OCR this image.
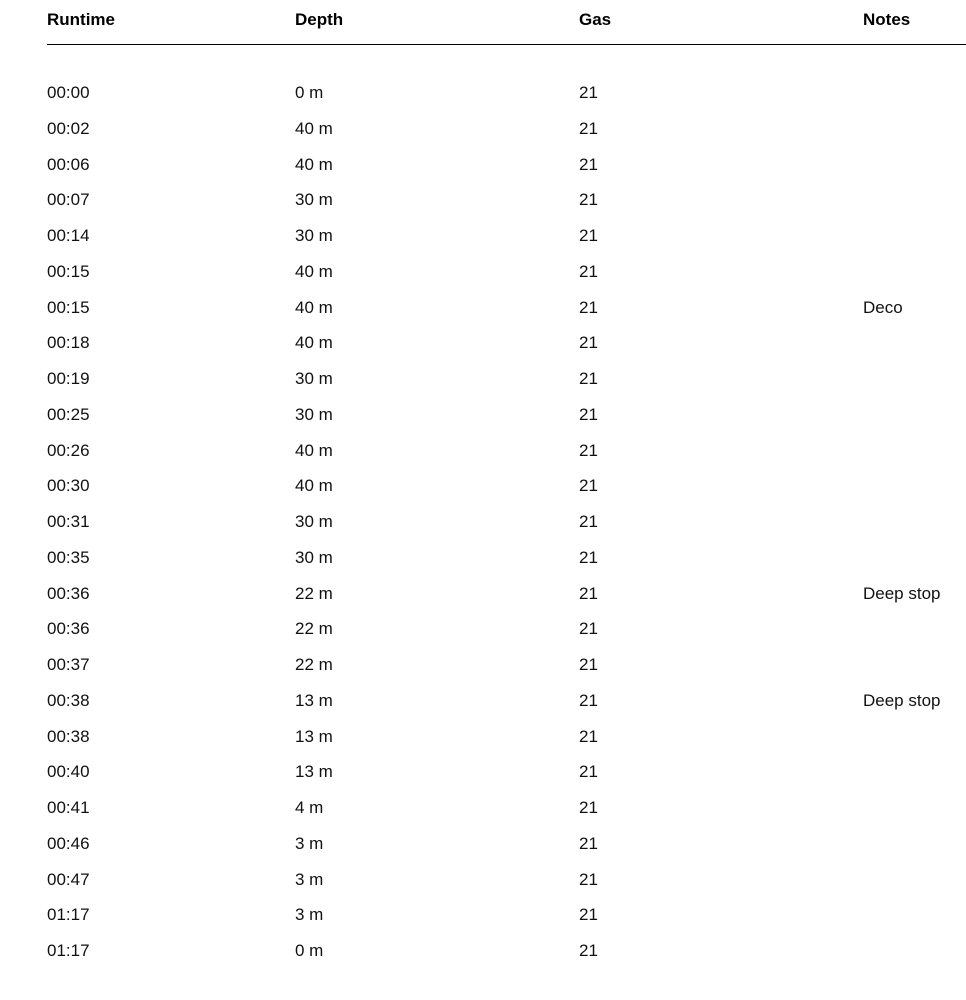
Runtime	Depth	Gas	Notes
00:00	0 m	21
00:02	40 m	21
00:06	40 m	21
00:07	30 m	21
00:14	30 m	21
00:15	40 m	21
00:15	40 m	21	Deco
00:18	40 m	21
00:19	30 m	21
00:25	30 m	21
00:26	40 m	21
00:30	40 m	21
00:31	30 m	21
00:35	30 m	21
00:36	22 m	21	Deep stop
00:36	22 m	21
00:37	22 m	21
00:38	13 m	21	Deep stop
00:38	13 m	21
00:40	13 m	21
00:41	4 m	21
00:46	3 m	21
00:47	3 m	21
01:17	3 m	21
01:17	0 m	21
